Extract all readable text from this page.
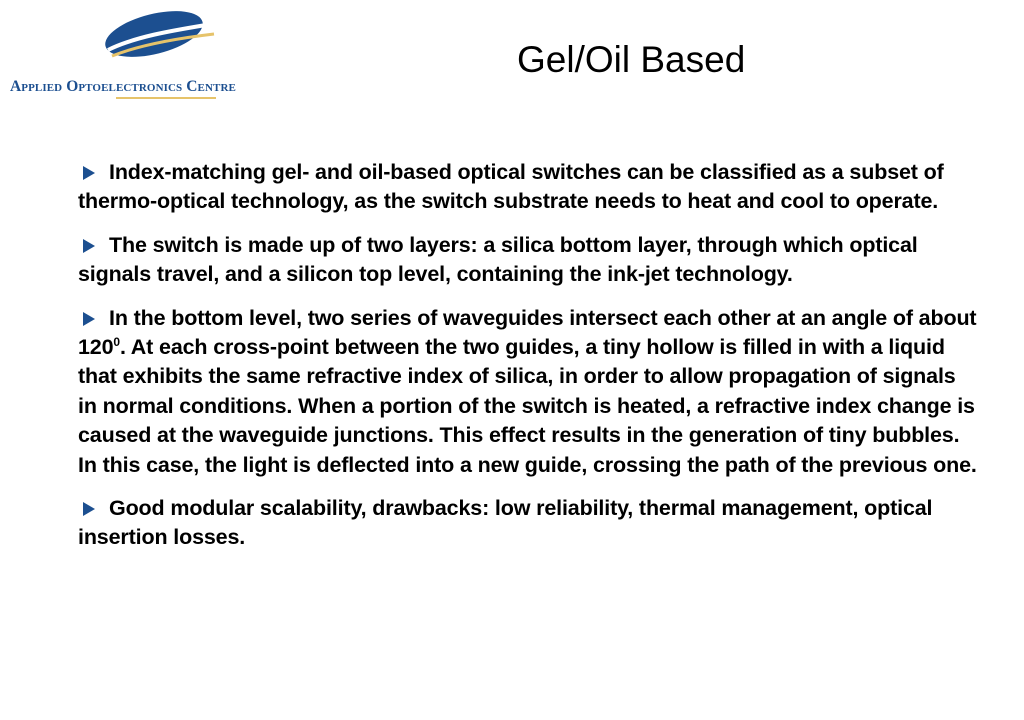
Applied Optoelectronics Centre
Gel/Oil Based

Index-matching gel- and oil-based optical switches can be classified as a subset of thermo-optical technology, as the switch substrate needs to heat and cool to operate.

The switch is made up of two layers: a silica bottom layer, through which optical signals travel, and a silicon top level, containing the ink-jet technology.

In the bottom level, two series of waveguides intersect each other at an angle of about $120^0$. At each cross-point between the two guides, a tiny hollow is filled in with a liquid that exhibits the same refractive index of silica, in order to allow propagation of signals in normal conditions. When a portion of the switch is heated, a refractive index change is caused at the waveguide junctions. This effect results in the generation of tiny bubbles. In this case, the light is deflected into a new guide, crossing the path of the previous one.

Good modular scalability, drawbacks: low reliability, thermal management, optical insertion losses.
